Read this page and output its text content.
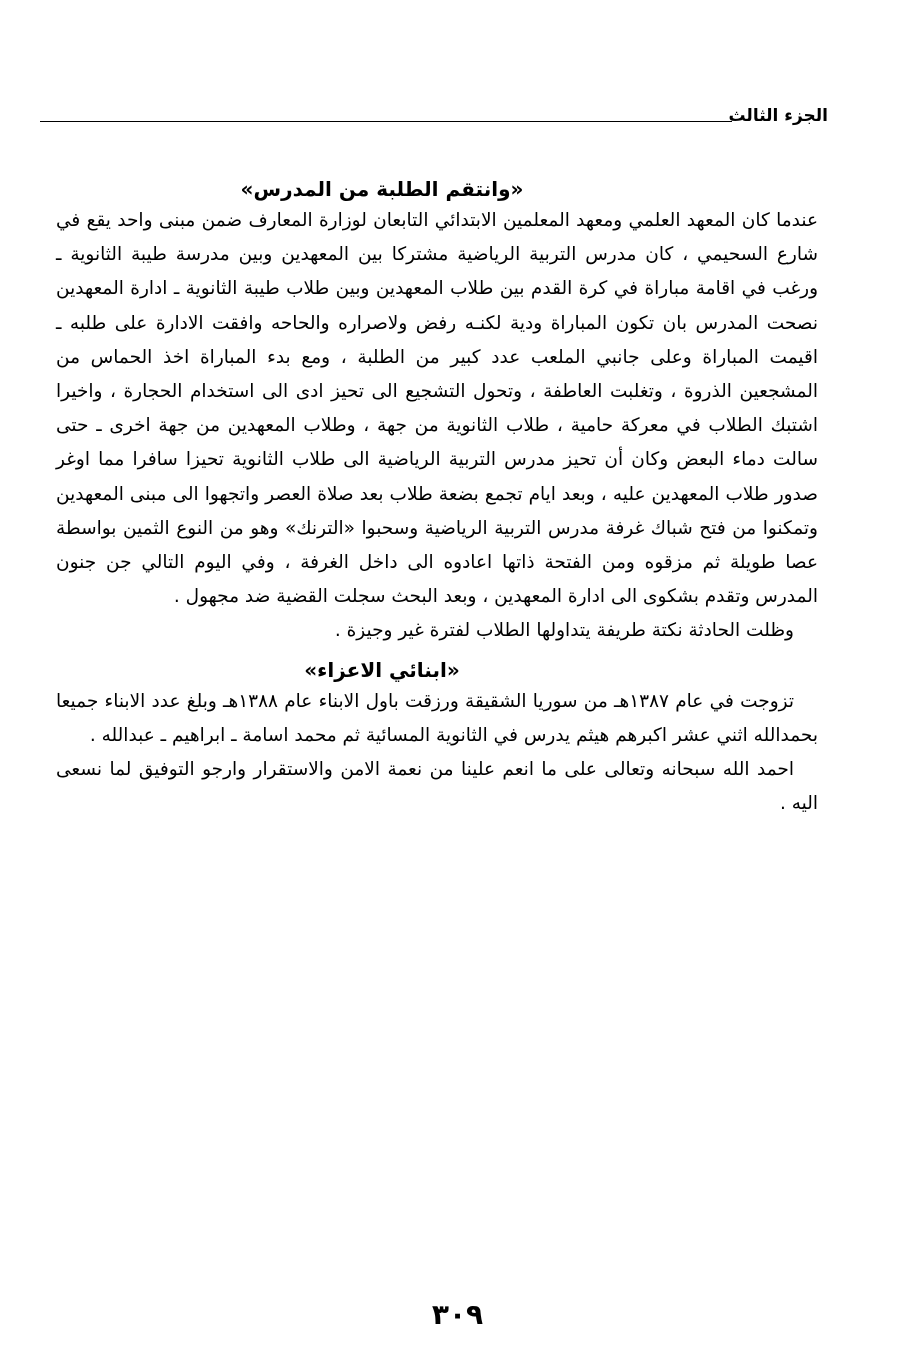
الجزء الثالث
«وانتقم الطلبة من المدرس»

عندما كان المعهد العلمي ومعهد المعلمين الابتدائي التابعان لوزارة المعارف ضمن مبنى واحد يقع في شارع السحيمي ، كان مدرس التربية الرياضية مشتركا بين المعهدين وبين مدرسة طيبة الثانوية ـ ورغب في اقامة مباراة في كرة القدم بين طلاب المعهدين وبين طلاب طيبة الثانوية ـ ادارة المعهدين نصحت المدرس بان تكون المباراة ودية لكنـه رفض ولاصراره والحاحه وافقت الادارة على طلبه ـ اقيمت المباراة وعلى جانبي الملعب عدد كبير من الطلبة ، ومع بدء المباراة اخذ الحماس من المشجعين الذروة ، وتغلبت العاطفة ، وتحول التشجيع الى تحيز ادى الى استخدام الحجارة ، واخيرا اشتبك الطلاب في معركة حامية ، طلاب الثانوية من جهة ، وطلاب المعهدين من جهة اخرى ـ حتى سالت دماء البعض وكان أن تحيز مدرس التربية الرياضية الى طلاب الثانوية تحيزا سافرا مما اوغر صدور طلاب المعهدين عليه ، وبعد ايام تجمع بضعة طلاب بعد صلاة العصر واتجهوا الى مبنى المعهدين وتمكنوا من فتح شباك غرفة مدرس التربية الرياضية وسحبوا «الترنك» وهو من النوع الثمين بواسطة عصا طويلة ثم مزقوه ومن الفتحة ذاتها اعادوه الى داخل الغرفة ، وفي اليوم التالي جن جنون المدرس وتقدم بشكوى الى ادارة المعهدين ، وبعد البحث سجلت القضية ضد مجهول .

وظلت الحادثة نكتة طريفة يتداولها الطلاب لفترة غير وجيزة .

«ابنائي الاعزاء»

تزوجت في عام ١٣٨٧هـ من سوريا الشقيقة ورزقت باول الابناء عام ١٣٨٨هـ وبلغ عدد الابناء جميعا بحمدالله اثني عشر اكبرهم هيثم يدرس في الثانوية المسائية ثم محمد اسامة ـ ابراهيم ـ عبدالله .

احمد الله سبحانه وتعالى على ما انعم علينا من نعمة الامن والاستقرار وارجو التوفيق لما نسعى اليه .

٣٠٩
